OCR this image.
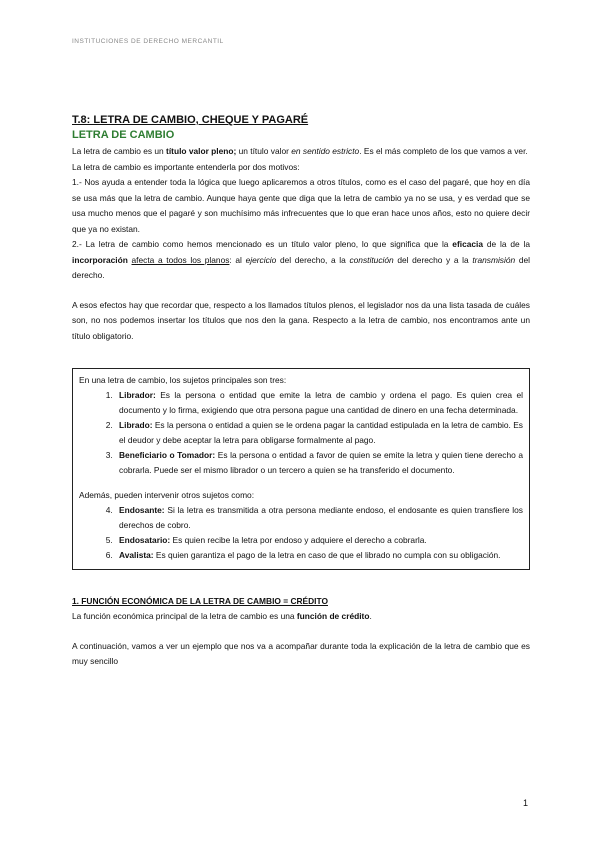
INSTITUCIONES DE DERECHO MERCANTIL
T.8: LETRA DE CAMBIO, CHEQUE Y PAGARÉ
LETRA DE CAMBIO

La letra de cambio es un título valor pleno; un título valor en sentido estricto. Es el más completo de los que vamos a ver.

La letra de cambio es importante entenderla por dos motivos:

1.- Nos ayuda a entender toda la lógica que luego aplicaremos a otros títulos, como es el caso del pagaré, que hoy en día se usa más que la letra de cambio. Aunque haya gente que diga que la letra de cambio ya no se usa, y es verdad que se usa mucho menos que el pagaré y son muchísimo más infrecuentes que lo que eran hace unos años, esto no quiere decir que ya no existan.

2.- La letra de cambio como hemos mencionado es un título valor pleno, lo que significa que la eficacia de la de la incorporación afecta a todos los planos: al ejercicio del derecho, a la constitución del derecho y a la transmisión del derecho.

A esos efectos hay que recordar que, respecto a los llamados títulos plenos, el legislador nos da una lista tasada de cuáles son, no nos podemos insertar los títulos que nos den la gana. Respecto a la letra de cambio, nos encontramos ante un título obligatorio.

En una letra de cambio, los sujetos principales son tres:

1. Librador: Es la persona o entidad que emite la letra de cambio y ordena el pago. Es quien crea el documento y lo firma, exigiendo que otra persona pague una cantidad de dinero en una fecha determinada.
2. Librado: Es la persona o entidad a quien se le ordena pagar la cantidad estipulada en la letra de cambio. Es el deudor y debe aceptar la letra para obligarse formalmente al pago.
3. Beneficiario o Tomador: Es la persona o entidad a favor de quien se emite la letra y quien tiene derecho a cobrarla. Puede ser el mismo librador o un tercero a quien se ha transferido el documento.

Además, pueden intervenir otros sujetos como:

4. Endosante: Si la letra es transmitida a otra persona mediante endoso, el endosante es quien transfiere los derechos de cobro.
5. Endosatario: Es quien recibe la letra por endoso y adquiere el derecho a cobrarla.
6. Avalista: Es quien garantiza el pago de la letra en caso de que el librado no cumpla con su obligación.
1. FUNCIÓN ECONÓMICA DE LA LETRA DE CAMBIO = CRÉDITO

La función económica principal de la letra de cambio es una función de crédito.

A continuación, vamos a ver un ejemplo que nos va a acompañar durante toda la explicación de la letra de cambio que es muy sencillo

1
